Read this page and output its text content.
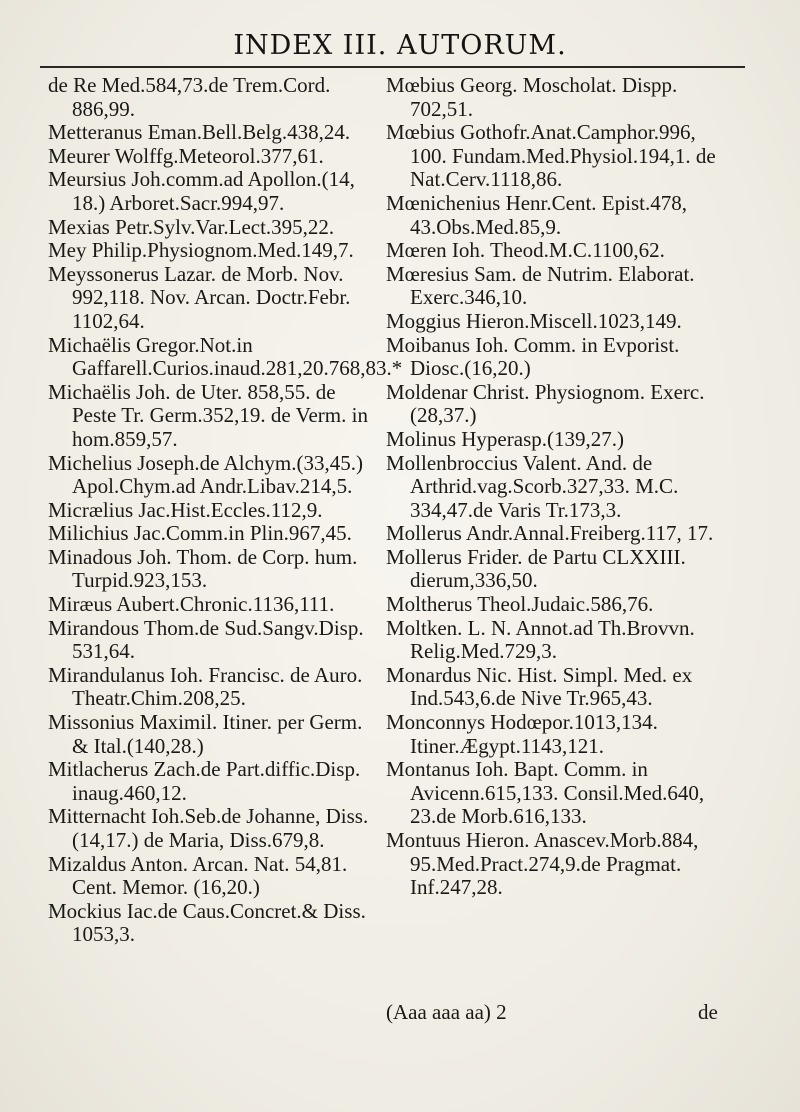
INDEX III. AUTORUM.

de Re Med.584,73.de Trem.Cord. 886,99.

Metteranus Eman.Bell.Belg.438,24.

Meurer Wolffg.Meteorol.377,61.

Meursius Joh.comm.ad Apollon.(14, 18.) Arboret.Sacr.994,97.

Mexias Petr.Sylv.Var.Lect.395,22.

Mey Philip.Physiognom.Med.149,7.

Meyssonerus Lazar. de Morb. Nov. 992,118. Nov. Arcan. Doctr.Febr. 1102,64.

Michaëlis Gregor.Not.in Gaffarell.Curios.inaud.281,20.768,83.*

Michaëlis Joh. de Uter. 858,55. de Peste Tr. Germ.352,19. de Verm. in hom.859,57.

Michelius Joseph.de Alchym.(33,45.) Apol.Chym.ad Andr.Libav.214,5.

Micrælius Jac.Hist.Eccles.112,9.

Milichius Jac.Comm.in Plin.967,45.

Minadous Joh. Thom. de Corp. hum. Turpid.923,153.

Miræus Aubert.Chronic.1136,111.

Mirandous Thom.de Sud.Sangv.Disp. 531,64.

Mirandulanus Ioh. Francisc. de Auro. Theatr.Chim.208,25.

Missonius Maximil. Itiner. per Germ. & Ital.(140,28.)

Mitlacherus Zach.de Part.diffic.Disp. inaug.460,12.

Mitternacht Ioh.Seb.de Johanne, Diss. (14,17.) de Maria, Diss.679,8.

Mizaldus Anton. Arcan. Nat. 54,81. Cent. Memor. (16,20.)

Mockius Iac.de Caus.Concret.& Diss. 1053,3.

Mœbius Georg. Moscholat. Dispp. 702,51.

Mœbius Gothofr.Anat.Camphor.996, 100. Fundam.Med.Physiol.194,1. de Nat.Cerv.1118,86.

Mœnichenius Henr.Cent. Epist.478, 43.Obs.Med.85,9.

Mœren Ioh. Theod.M.C.1100,62.

Mœresius Sam. de Nutrim. Elaborat. Exerc.346,10.

Moggius Hieron.Miscell.1023,149.

Moibanus Ioh. Comm. in Evporist. Diosc.(16,20.)

Moldenar Christ. Physiognom. Exerc. (28,37.)

Molinus Hyperasp.(139,27.)

Mollenbroccius Valent. And. de Arthrid.vag.Scorb.327,33. M.C. 334,47.de Varis Tr.173,3.

Mollerus Andr.Annal.Freiberg.117, 17.

Mollerus Frider. de Partu CLXXIII. dierum,336,50.

Moltherus Theol.Judaic.586,76.

Moltken. L. N. Annot.ad Th.Brovvn. Relig.Med.729,3.

Monardus Nic. Hist. Simpl. Med. ex Ind.543,6.de Nive Tr.965,43.

Monconnys Hodœpor.1013,134. Itiner.Ægypt.1143,121.

Montanus Ioh. Bapt. Comm. in Avicenn.615,133. Consil.Med.640, 23.de Morb.616,133.

Montuus Hieron. Anascev.Morb.884, 95.Med.Pract.274,9.de Pragmat. Inf.247,28.

(Aaa aaa aa) 2	de
